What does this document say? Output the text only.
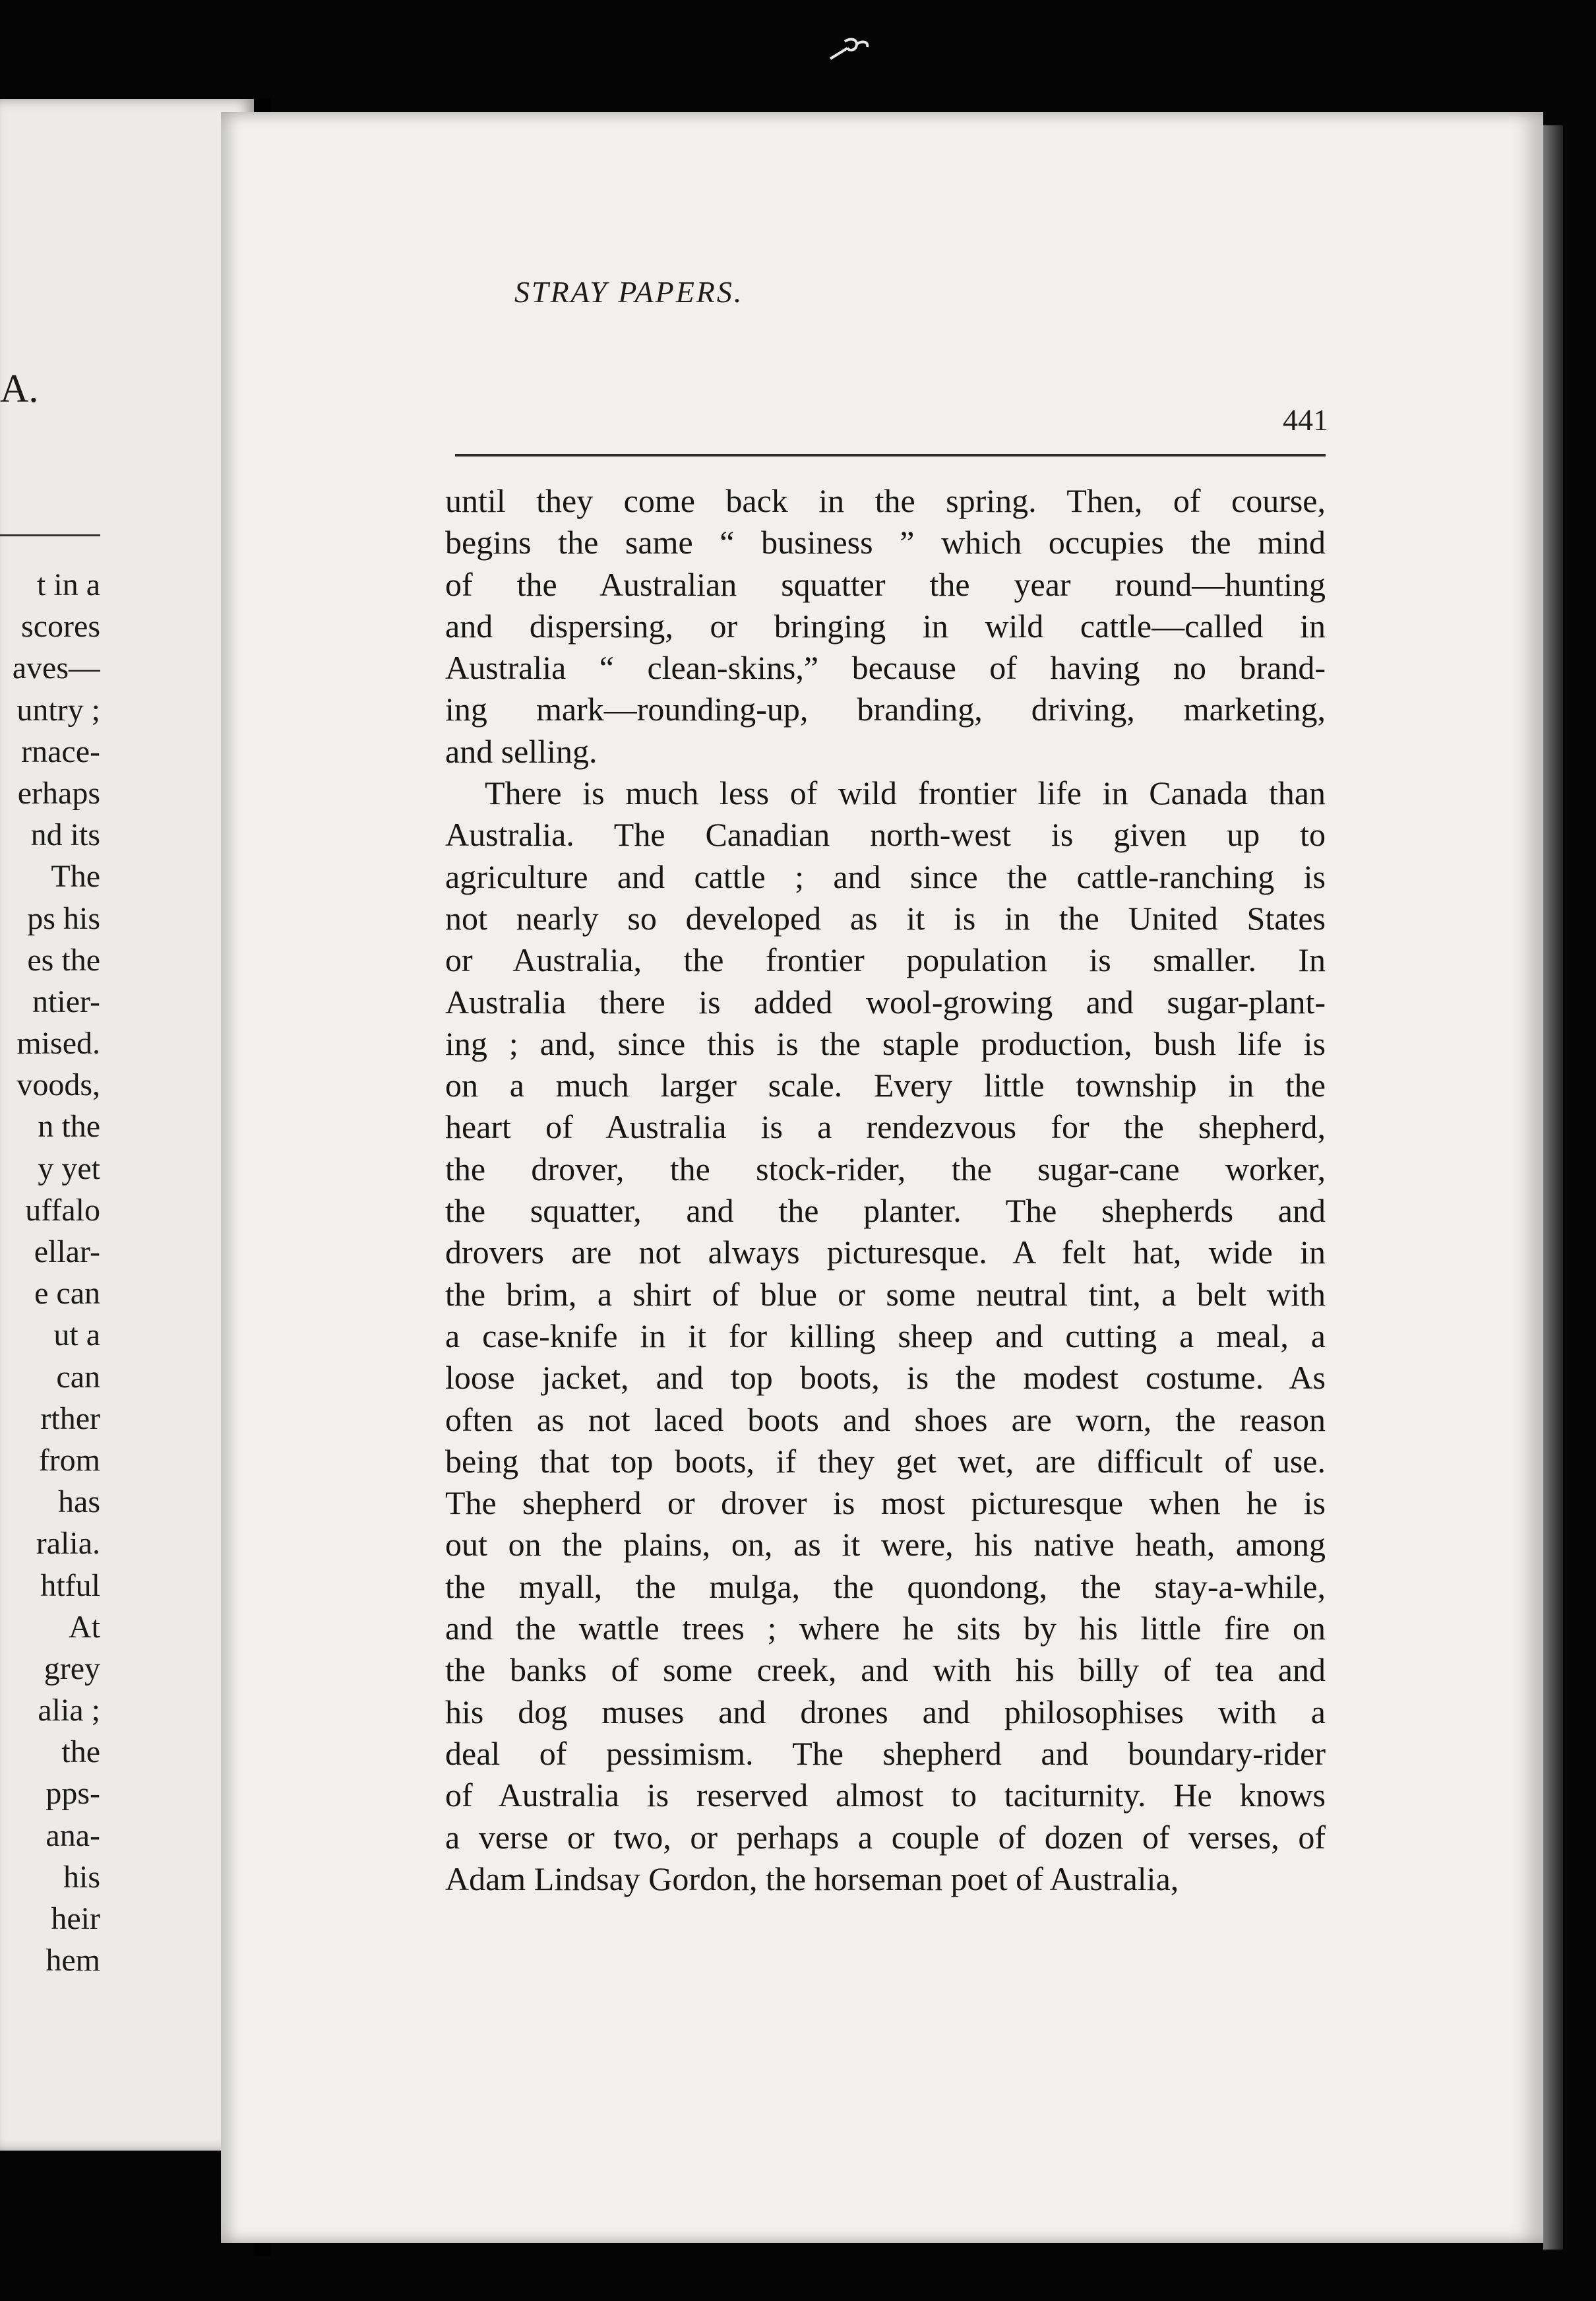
A.
t in a
scores
aves—
untry ;
rnace-
erhaps
nd its
The
ps his
es the
ntier-
mised.
voods,
n the
y yet
uffalo
ellar-
e can
ut a
can
rther
from
has
ralia.
htful
At
grey
alia ;
the
pps-
ana-
his
heir
hem
STRAY PAPERS.
441
until they come back in the spring. Then, of course,
begins the same “ business ” which occupies the mind
of the Australian squatter the year round—hunting
and dispersing, or bringing in wild cattle—called in
Australia “ clean-skins,” because of having no brand-
ing mark—rounding-up, branding, driving, marketing,
and selling.
There is much less of wild frontier life in Canada than
Australia. The Canadian north-west is given up to
agriculture and cattle ; and since the cattle-ranching is
not nearly so developed as it is in the United States
or Australia, the frontier population is smaller. In
Australia there is added wool-growing and sugar-plant-
ing ; and, since this is the staple production, bush life is
on a much larger scale. Every little township in the
heart of Australia is a rendezvous for the shepherd,
the drover, the stock-rider, the sugar-cane worker,
the squatter, and the planter. The shepherds and
drovers are not always picturesque. A felt hat, wide in
the brim, a shirt of blue or some neutral tint, a belt with
a case-knife in it for killing sheep and cutting a meal, a
loose jacket, and top boots, is the modest costume. As
often as not laced boots and shoes are worn, the reason
being that top boots, if they get wet, are difficult of use.
The shepherd or drover is most picturesque when he is
out on the plains, on, as it were, his native heath, among
the myall, the mulga, the quondong, the stay-a-while,
and the wattle trees ; where he sits by his little fire on
the banks of some creek, and with his billy of tea and
his dog muses and drones and philosophises with a
deal of pessimism. The shepherd and boundary-rider
of Australia is reserved almost to taciturnity. He knows
a verse or two, or perhaps a couple of dozen of verses, of
Adam Lindsay Gordon, the horseman poet of Australia,
